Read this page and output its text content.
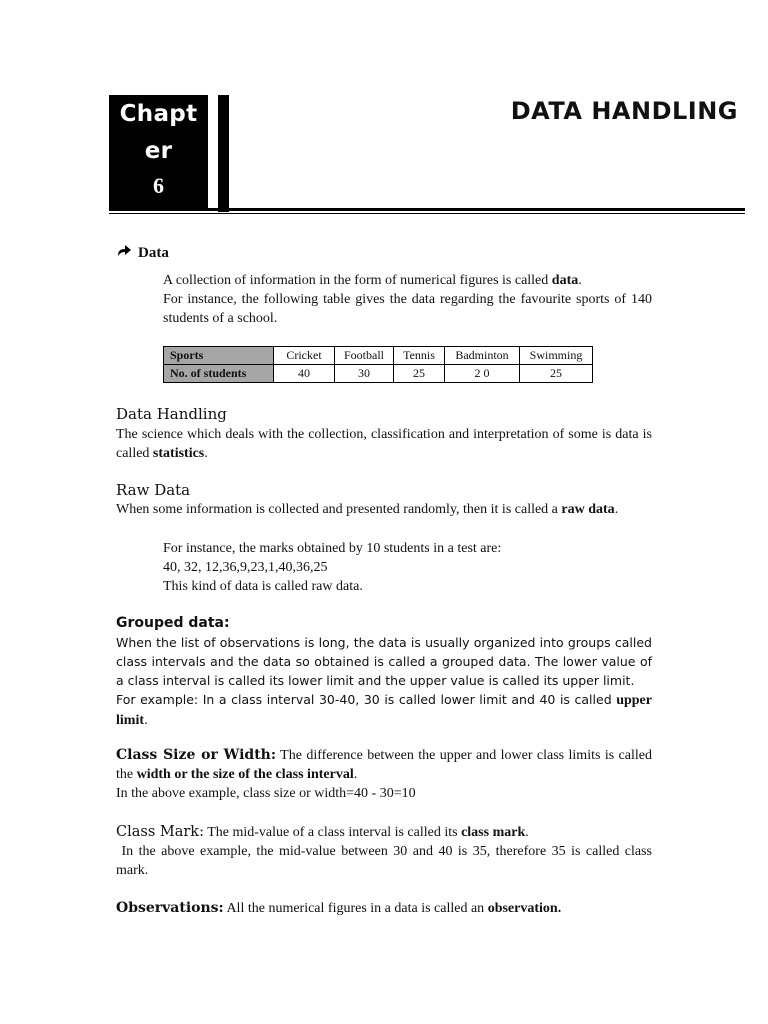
Chapt
er
6
DATA HANDLING
Data
A collection of information in the form of numerical figures is called data.
For instance, the following table gives the data regarding the favourite sports of 140 students of a school.
Sports	Cricket	Football	Tennis	Badminton	Swimming
No. of students	40	30	25	2 0	25
Data Handling
The science which deals with the collection, classification and interpretation of some is data is called statistics.
Raw Data
When some information is collected and presented randomly, then it is called a raw data.
For instance, the marks obtained by 10 students in a test are:
40, 32, 12,36,9,23,1,40,36,25
This kind of data is called raw data.
Grouped data:
When the list of observations is long, the data is usually organized into groups called class intervals and the data so obtained is called a grouped data. The lower value of a class interval is called its lower limit and the upper value is called its upper limit.
For example: In a class interval 30-40, 30 is called lower limit and 40 is called upper limit.
Class Size or Width: The difference between the upper and lower class limits is called the width or the size of the class interval.
In the above example, class size or width=40 - 30=10
Class Mark: The mid-value of a class interval is called its class mark.
In the above example, the mid-value between 30 and 40 is 35, therefore 35 is called class mark.
Observations: All the numerical figures in a data is called an observation.
